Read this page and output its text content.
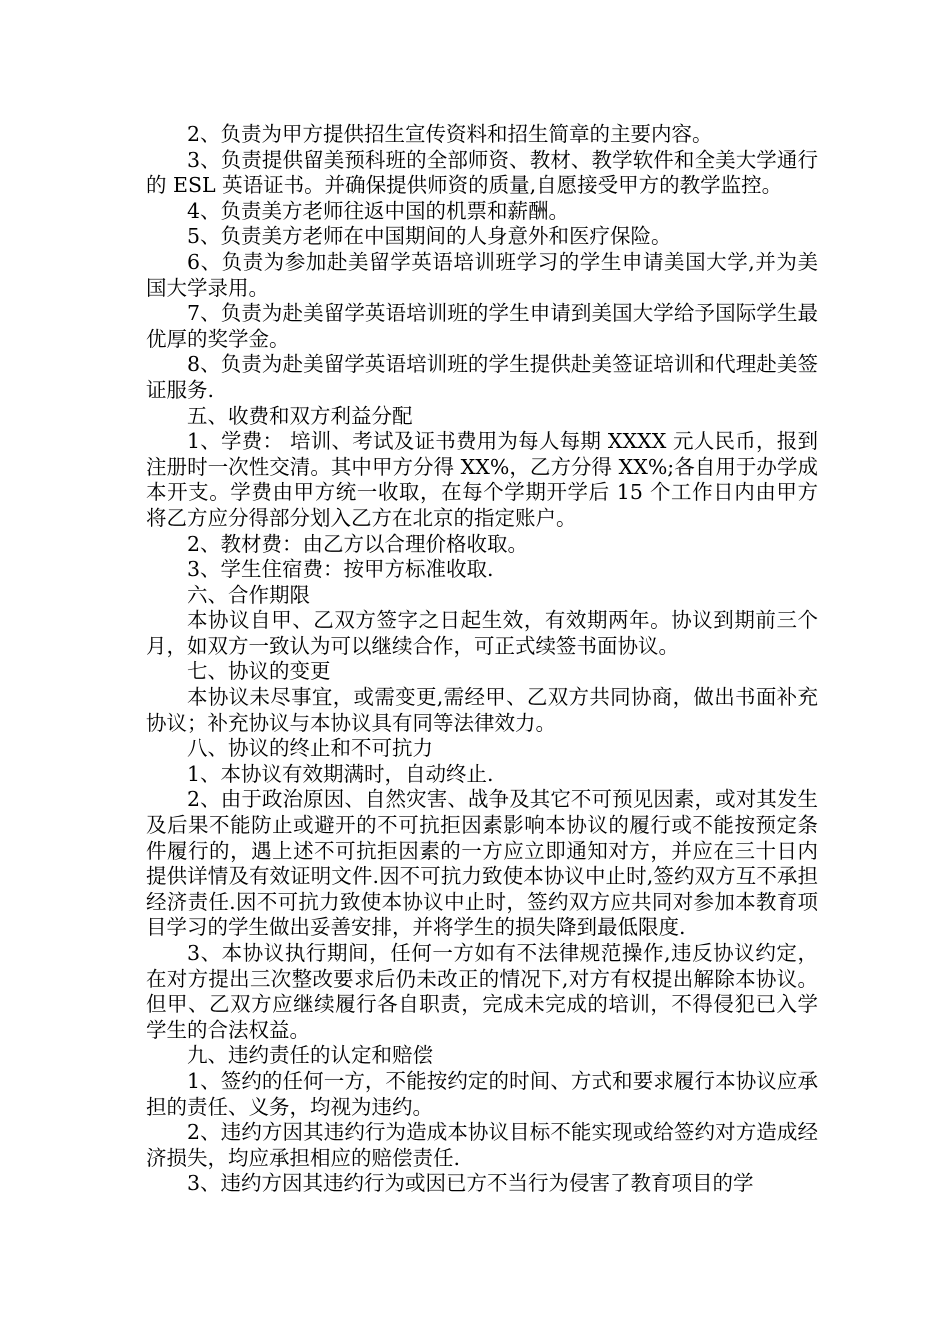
2、负责为甲方提供招生宣传资料和招生简章的主要内容。

3、负责提供留美预科班的全部师资、教材、教学软件和全美大学通行的 ESL 英语证书。并确保提供师资的质量,自愿接受甲方的教学监控。

4、负责美方老师往返中国的机票和薪酬。

5、负责美方老师在中国期间的人身意外和医疗保险。

6、负责为参加赴美留学英语培训班学习的学生申请美国大学,并为美国大学录用。

7、负责为赴美留学英语培训班的学生申请到美国大学给予国际学生最优厚的奖学金。

8、负责为赴美留学英语培训班的学生提供赴美签证培训和代理赴美签证服务.

五、收费和双方利益分配

1、学费： 培训、考试及证书费用为每人每期 XXXX 元人民币，报到注册时一次性交清。其中甲方分得 XX%，乙方分得 XX%;各自用于办学成本开支。学费由甲方统一收取，在每个学期开学后 15 个工作日内由甲方将乙方应分得部分划入乙方在北京的指定账户。

2、教材费：由乙方以合理价格收取。

3、学生住宿费：按甲方标准收取.

六、合作期限

本协议自甲、乙双方签字之日起生效，有效期两年。协议到期前三个月，如双方一致认为可以继续合作，可正式续签书面协议。

七、协议的变更

本协议未尽事宜，或需变更,需经甲、乙双方共同协商，做出书面补充协议；补充协议与本协议具有同等法律效力。

八、协议的终止和不可抗力

1、本协议有效期满时，自动终止.

2、由于政治原因、自然灾害、战争及其它不可预见因素，或对其发生及后果不能防止或避开的不可抗拒因素影响本协议的履行或不能按预定条件履行的，遇上述不可抗拒因素的一方应立即通知对方，并应在三十日内提供详情及有效证明文件.因不可抗力致使本协议中止时,签约双方互不承担经济责任.因不可抗力致使本协议中止时，签约双方应共同对参加本教育项目学习的学生做出妥善安排，并将学生的损失降到最低限度.

3、本协议执行期间，任何一方如有不法律规范操作,违反协议约定，在对方提出三次整改要求后仍未改正的情况下,对方有权提出解除本协议。但甲、乙双方应继续履行各自职责，完成未完成的培训，不得侵犯已入学学生的合法权益。

九、违约责任的认定和赔偿

1、签约的任何一方，不能按约定的时间、方式和要求履行本协议应承担的责任、义务，均视为违约。

2、违约方因其违约行为造成本协议目标不能实现或给签约对方造成经济损失，均应承担相应的赔偿责任.

3、违约方因其违约行为或因已方不当行为侵害了教育项目的学
